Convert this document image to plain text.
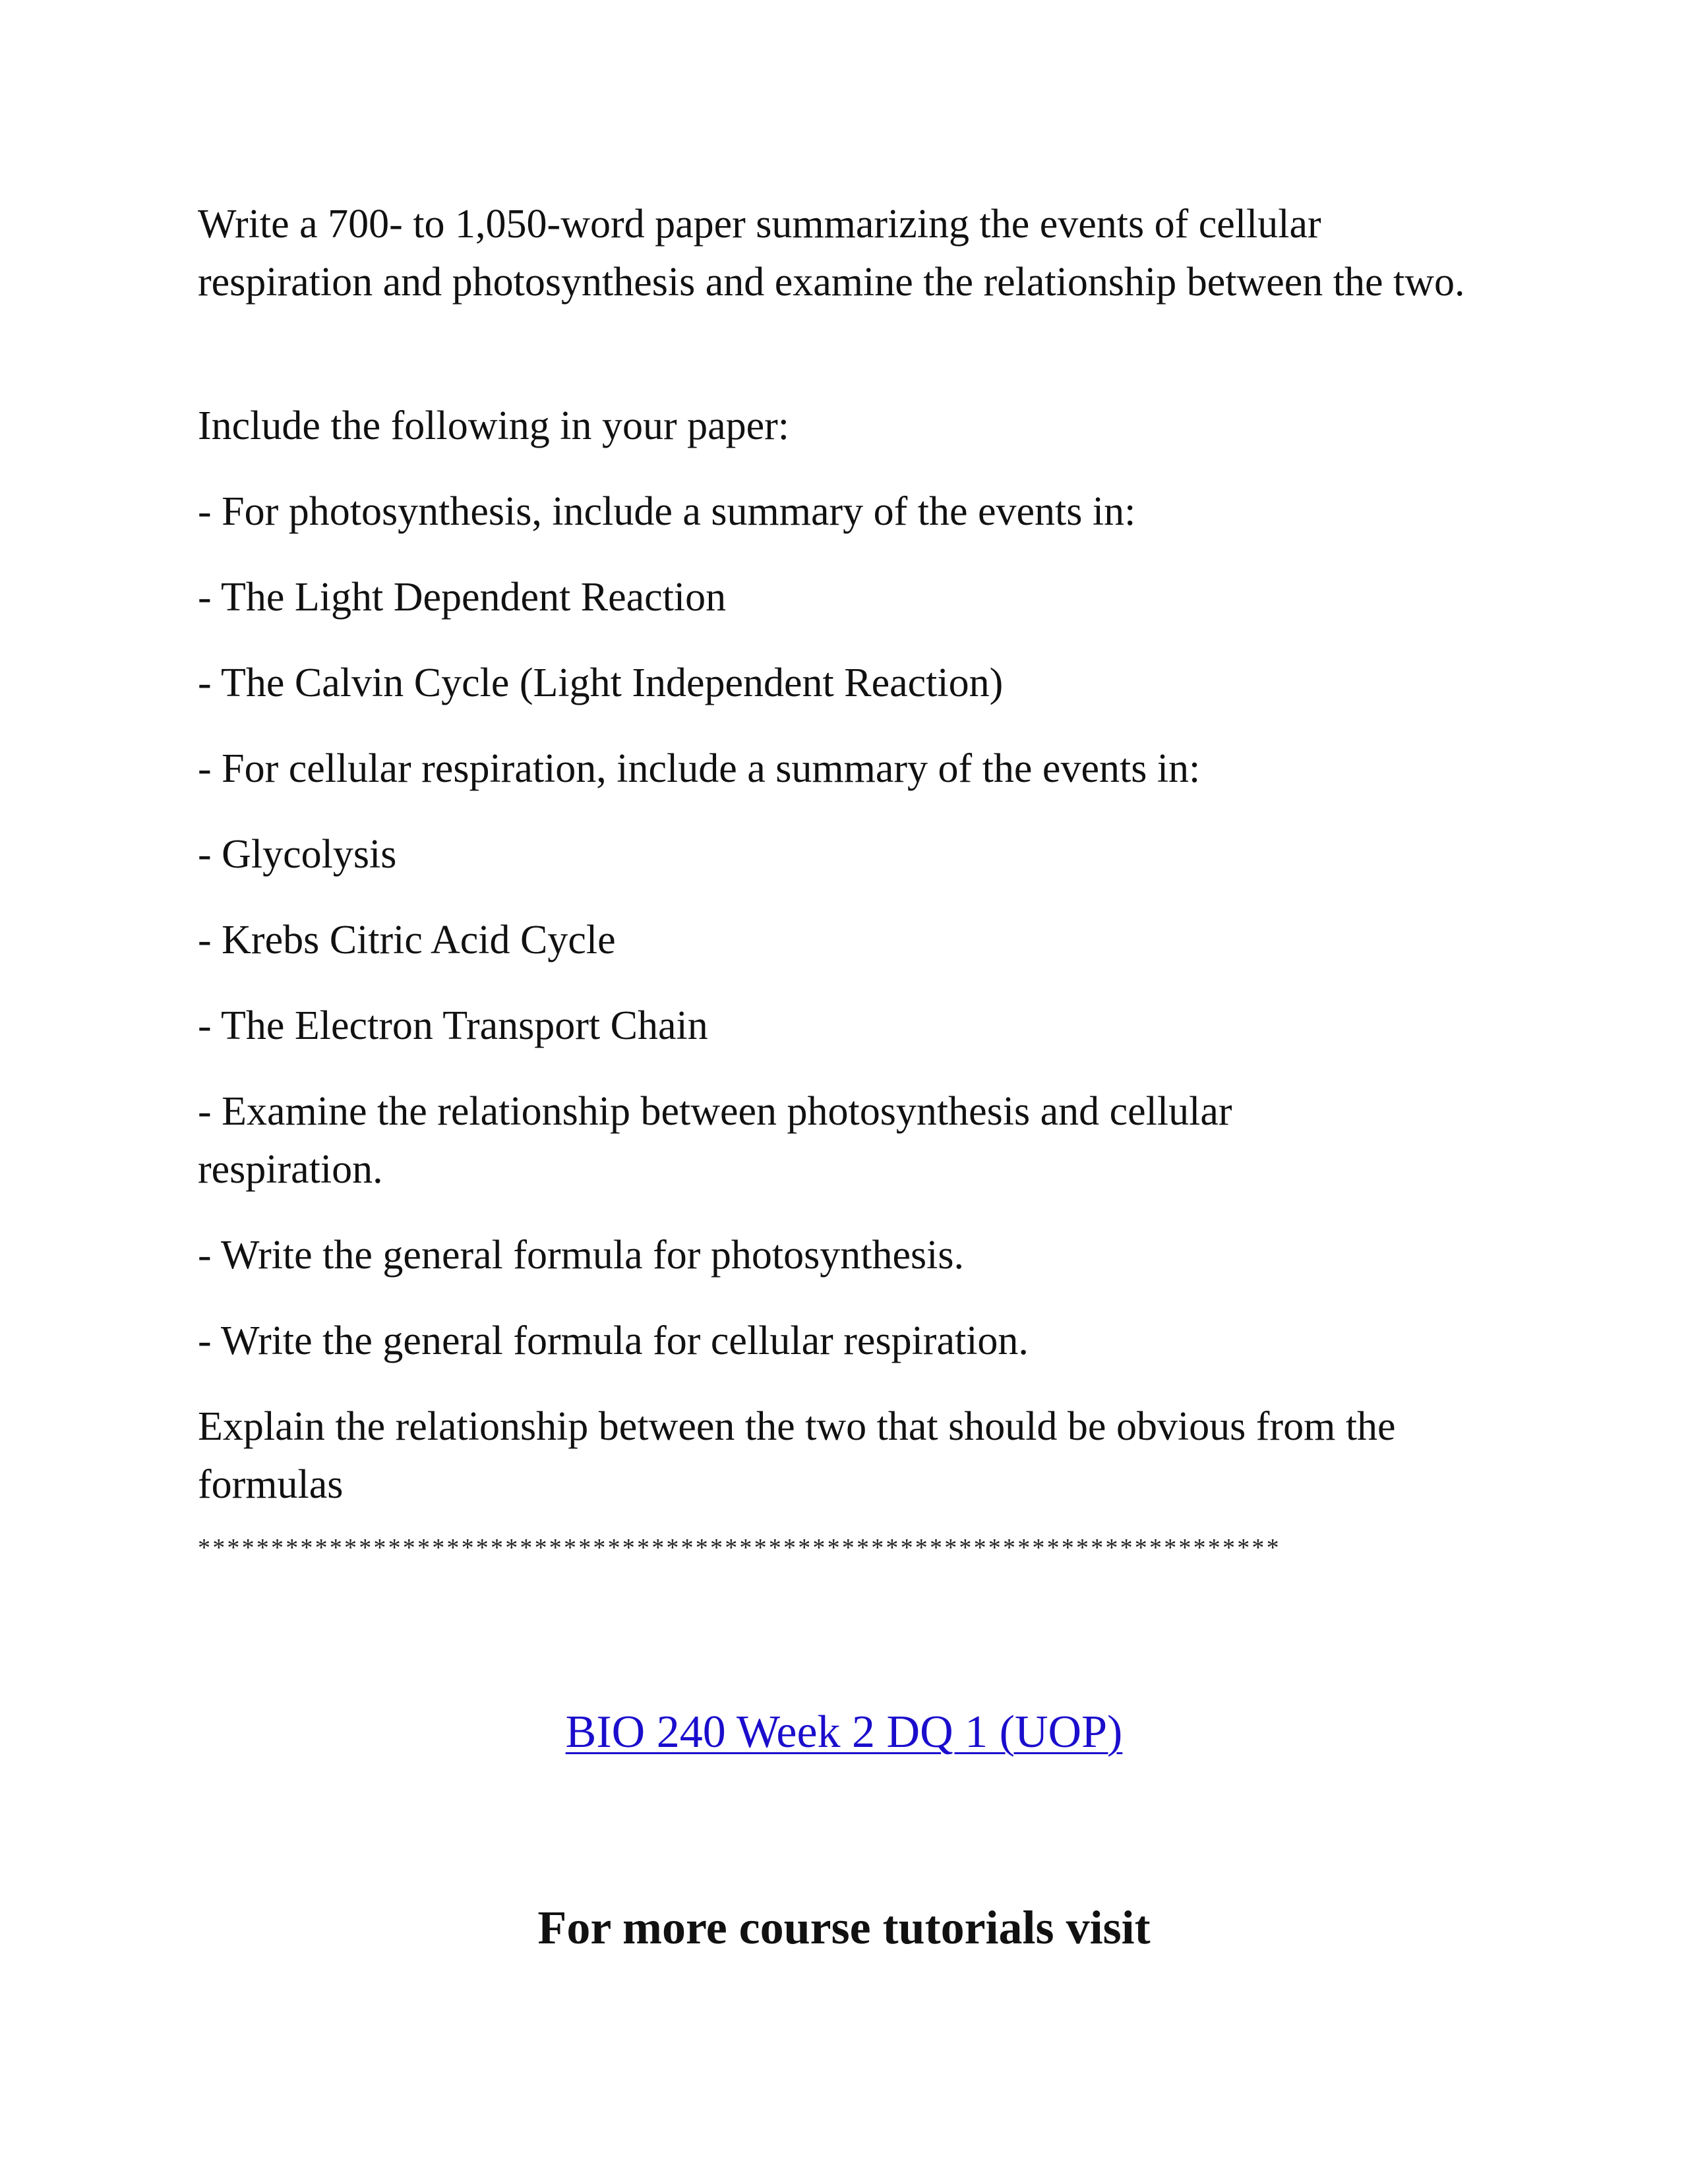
Write a 700- to 1,050-word paper summarizing the events of cellular respiration and photosynthesis and examine the relationship between the two.

Include the following in your paper:

- For photosynthesis, include a summary of the events in:

- The Light Dependent Reaction

- The Calvin Cycle (Light Independent Reaction)

- For cellular respiration, include a summary of the events in:

- Glycolysis

- Krebs Citric Acid Cycle

- The Electron Transport Chain

- Examine the relationship between photosynthesis and cellular respiration.

- Write the general formula for photosynthesis.

- Write the general formula for cellular respiration.

Explain the relationship between the two that should be obvious from the formulas

**************************************************************************
BIO 240 Week 2 DQ 1 (UOP)
For more course tutorials visit
